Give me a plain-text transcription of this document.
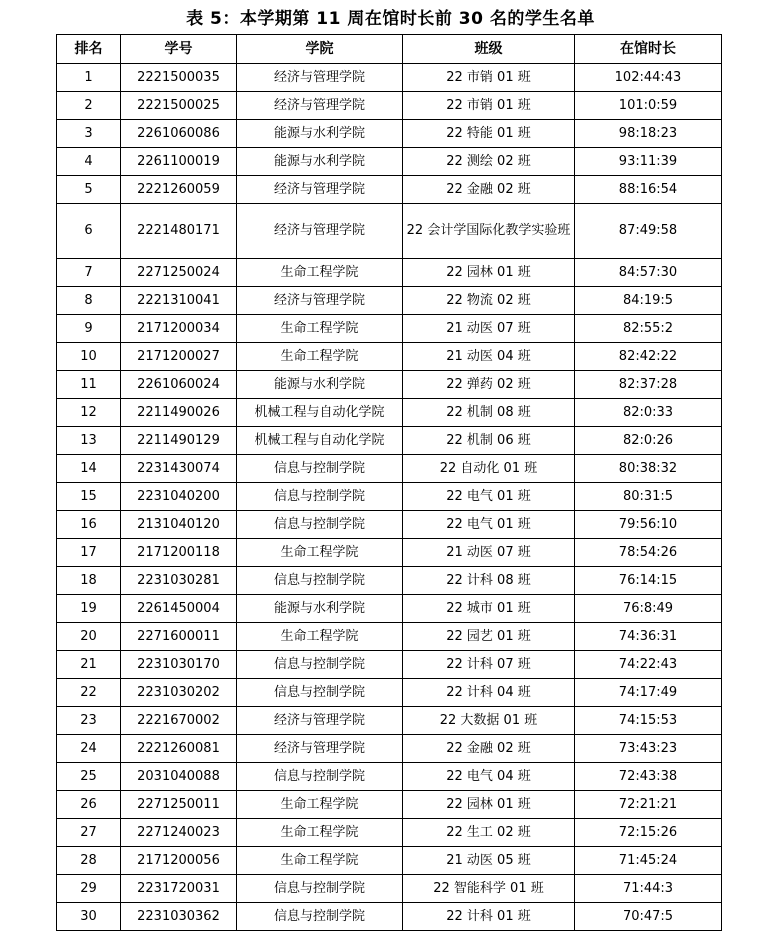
表 5：本学期第 11 周在馆时长前 30 名的学生名单
排名	学号	学院	班级	在馆时长
1	2221500035	经济与管理学院	22 市销 01 班	102:44:43
2	2221500025	经济与管理学院	22 市销 01 班	101:0:59
3	2261060086	能源与水利学院	22 特能 01 班	98:18:23
4	2261100019	能源与水利学院	22 测绘 02 班	93:11:39
5	2221260059	经济与管理学院	22 金融 02 班	88:16:54
6	2221480171	经济与管理学院	22 会计学国际化教学实验班	87:49:58
7	2271250024	生命工程学院	22 园林 01 班	84:57:30
8	2221310041	经济与管理学院	22 物流 02 班	84:19:5
9	2171200034	生命工程学院	21 动医 07 班	82:55:2
10	2171200027	生命工程学院	21 动医 04 班	82:42:22
11	2261060024	能源与水利学院	22 弹药 02 班	82:37:28
12	2211490026	机械工程与自动化学院	22 机制 08 班	82:0:33
13	2211490129	机械工程与自动化学院	22 机制 06 班	82:0:26
14	2231430074	信息与控制学院	22 自动化 01 班	80:38:32
15	2231040200	信息与控制学院	22 电气 01 班	80:31:5
16	2131040120	信息与控制学院	22 电气 01 班	79:56:10
17	2171200118	生命工程学院	21 动医 07 班	78:54:26
18	2231030281	信息与控制学院	22 计科 08 班	76:14:15
19	2261450004	能源与水利学院	22 城市 01 班	76:8:49
20	2271600011	生命工程学院	22 园艺 01 班	74:36:31
21	2231030170	信息与控制学院	22 计科 07 班	74:22:43
22	2231030202	信息与控制学院	22 计科 04 班	74:17:49
23	2221670002	经济与管理学院	22 大数据 01 班	74:15:53
24	2221260081	经济与管理学院	22 金融 02 班	73:43:23
25	2031040088	信息与控制学院	22 电气 04 班	72:43:38
26	2271250011	生命工程学院	22 园林 01 班	72:21:21
27	2271240023	生命工程学院	22 生工 02 班	72:15:26
28	2171200056	生命工程学院	21 动医 05 班	71:45:24
29	2231720031	信息与控制学院	22 智能科学 01 班	71:44:3
30	2231030362	信息与控制学院	22 计科 01 班	70:47:5
